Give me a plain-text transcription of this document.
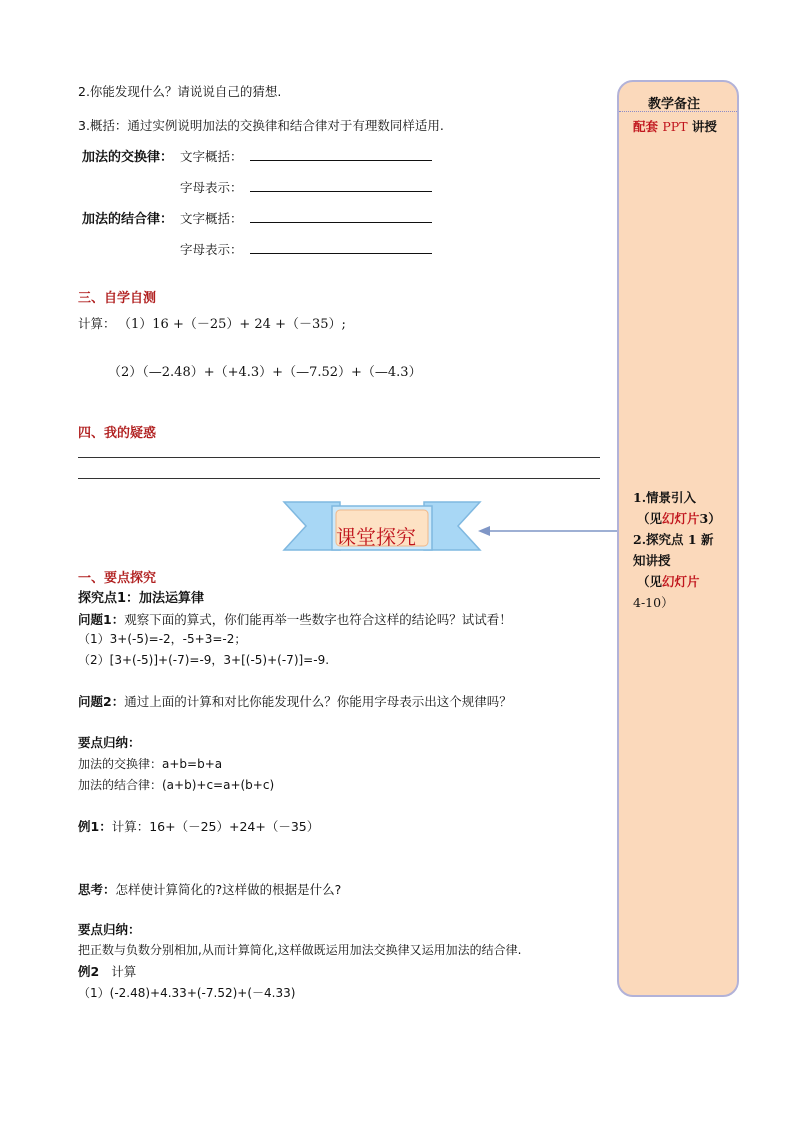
2.你能发现什么？请说说自己的猜想.
3.概括：通过实例说明加法的交换律和结合律对于有理数同样适用.
加法的交换律： 文字概括：
字母表示：
加法的结合律： 文字概括：
字母表示：
三、自学自测
计算： （1）16 +（－25）+ 24 +（－35）;
（2）（—2.48）+（+4.3）+（—7.52）+（—4.3）
四、我的疑惑
课堂探究
一、要点探究
探究点1：加法运算律
问题1：观察下面的算式，你们能再举一些数字也符合这样的结论吗？试试看！
（1）3+(-5)=-2，-5+3=-2；
（2）[3+(-5)]+(-7)=-9，3+[(-5)+(-7)]=-9.
问题2：通过上面的计算和对比你能发现什么？你能用字母表示出这个规律吗？
要点归纳：
加法的交换律：a+b=b+a
加法的结合律：(a+b)+c=a+(b+c)
例1：计算：16+（－25）+24+（－35）
思考：怎样使计算简化的?这样做的根据是什么?
要点归纳：
把正数与负数分别相加,从而计算简化,这样做既运用加法交换律又运用加法的结合律.
例2 计算
（1）(-2.48)+4.33+(-7.52)+(－4.33)
教学备注
配套 PPT 讲授
1.情景引入
（见幻灯片3）
2.探究点 1 新
知讲授
（见幻灯片
4-10）
